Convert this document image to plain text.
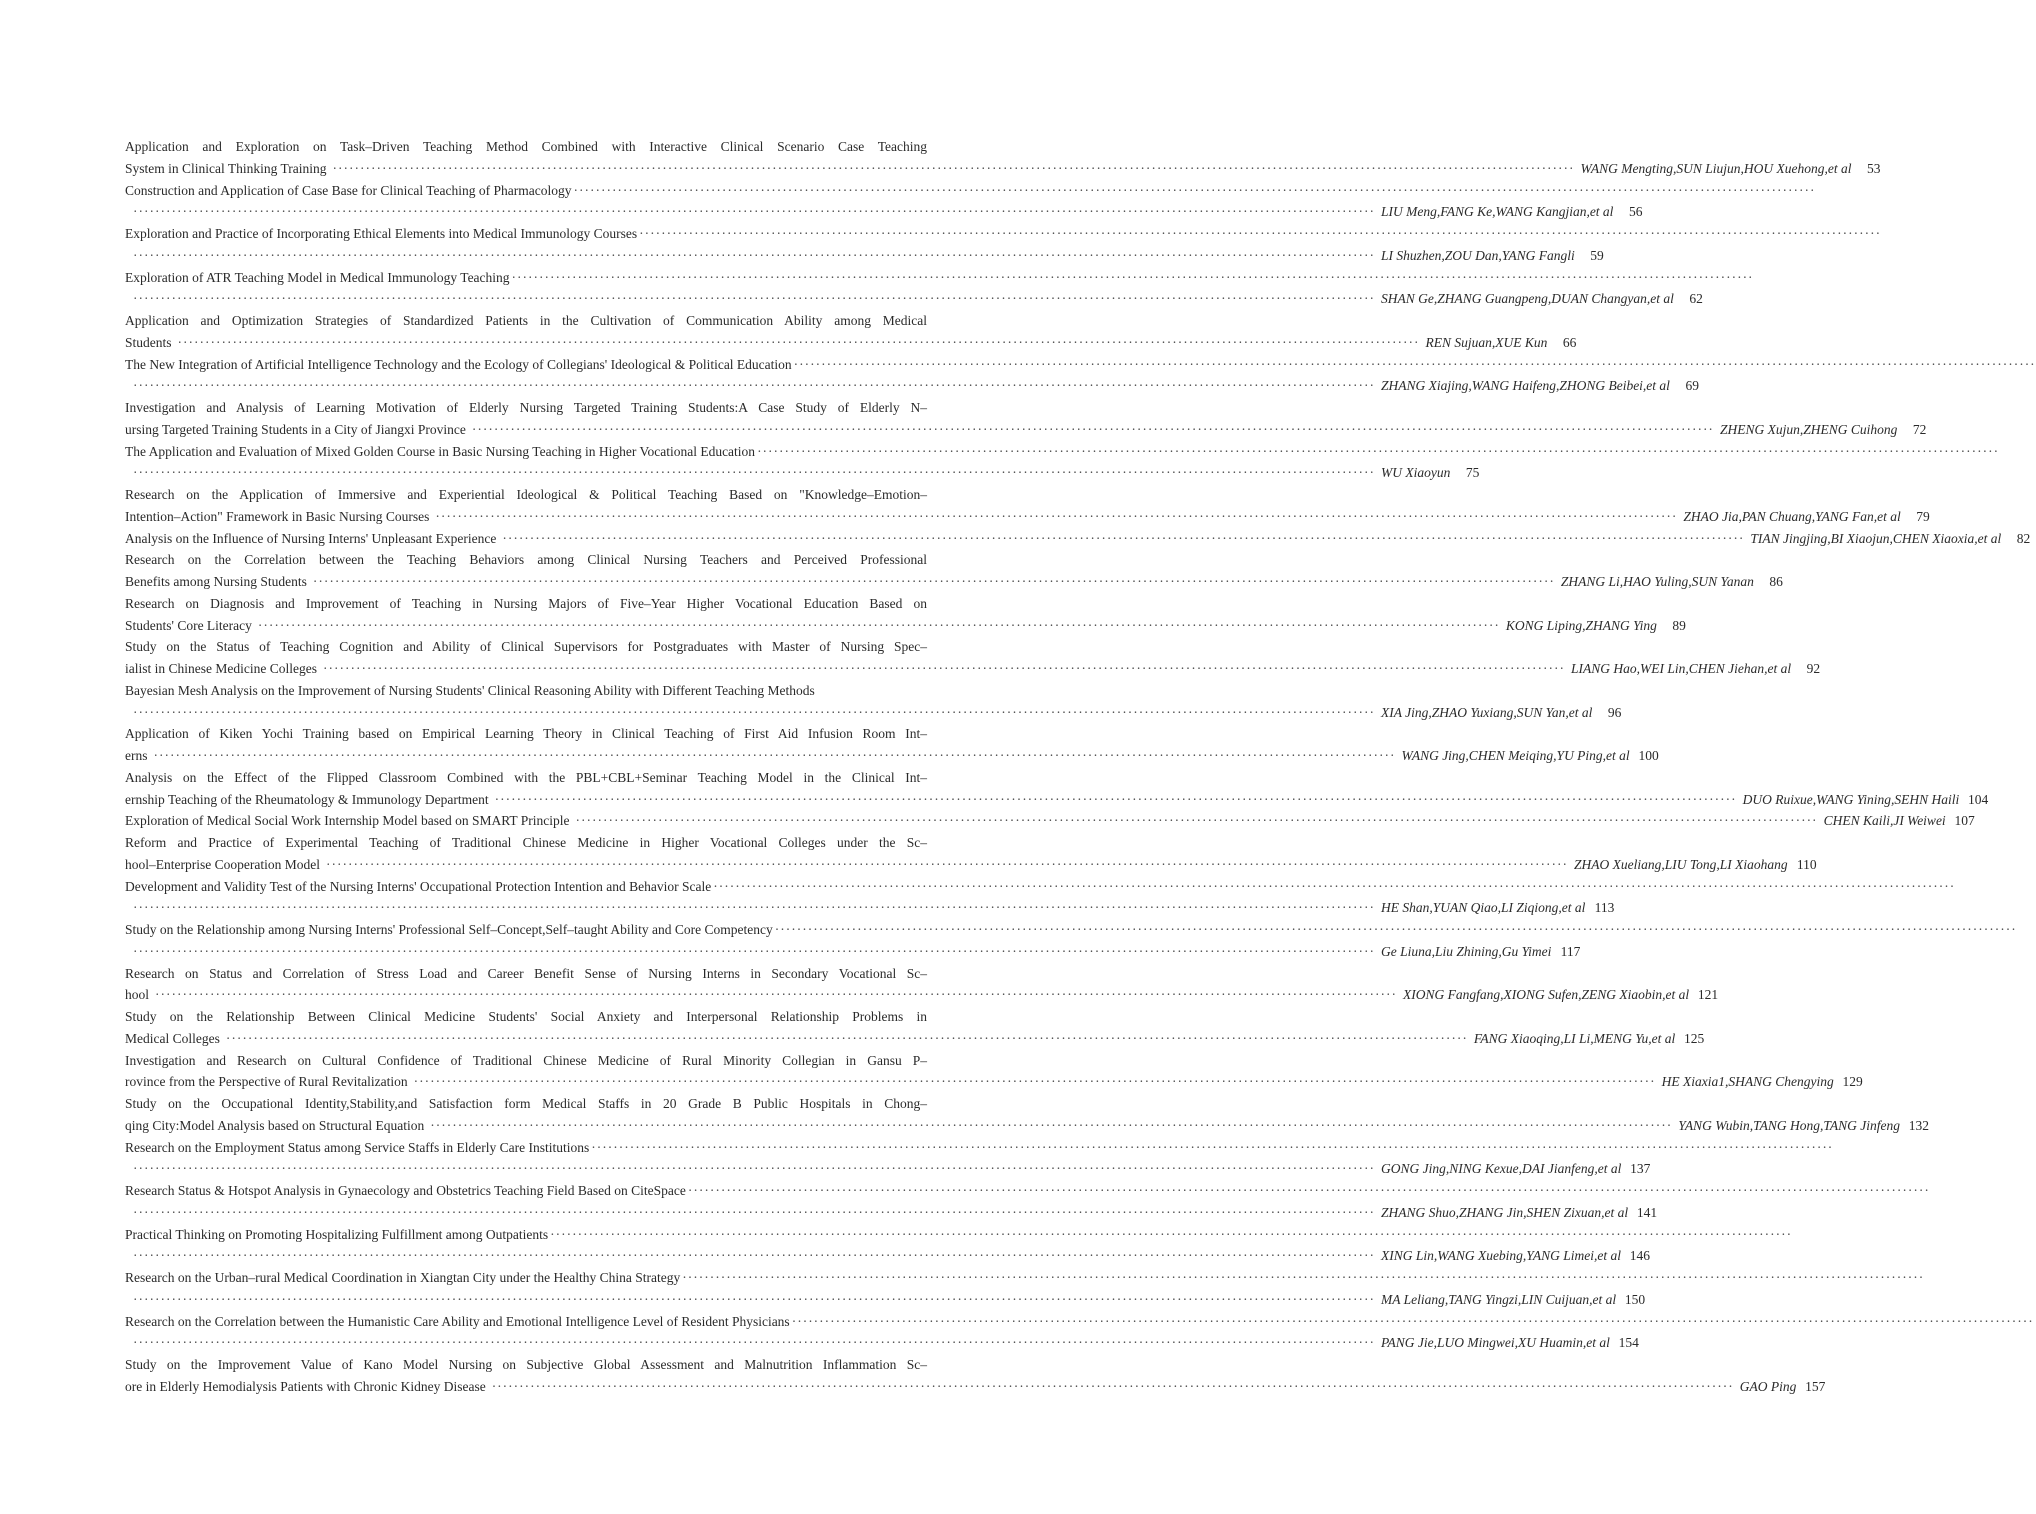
Application and Exploration on Task–Driven Teaching Method Combined with Interactive Clinical Scenario Case Teaching
System in Clinical Thinking Training ·····	WANG Mengting,SUN Liujun,HOU Xuehong,et al	53
Construction and Application of Case Base for Clinical Teaching of Pharmacology
·····
·····
LIU Meng,FANG Ke,WANG Kangjian,et al	56
Exploration and Practice of Incorporating Ethical Elements into Medical Immunology Courses
·····
·····
LI Shuzhen,ZOU Dan,YANG Fangli	59
Exploration of ATR Teaching Model in Medical Immunology Teaching
·····
·····
SHAN Ge,ZHANG Guangpeng,DUAN Changyan,et al	62
Application and Optimization Strategies of Standardized Patients in the Cultivation of Communication Ability among Medical
Students ·····	REN Sujuan,XUE Kun	66
The New Integration of Artificial Intelligence Technology and the Ecology of Collegians' Ideological & Political Education
·····
·····
ZHANG Xiajing,WANG Haifeng,ZHONG Beibei,et al	69
Investigation and Analysis of Learning Motivation of Elderly Nursing Targeted Training Students:A Case Study of Elderly N–
ursing Targeted Training Students in a City of Jiangxi Province ·····	ZHENG Xujun,ZHENG Cuihong	72
The Application and Evaluation of Mixed Golden Course in Basic Nursing Teaching in Higher Vocational Education
·····
·····
WU Xiaoyun	75
Research on the Application of Immersive and Experiential Ideological & Political Teaching Based on "Knowledge–Emotion–
Intention–Action" Framework in Basic Nursing Courses ·····	ZHAO Jia,PAN Chuang,YANG Fan,et al	79
Analysis on the Influence of Nursing Interns' Unpleasant Experience ·····	TIAN Jingjing,BI Xiaojun,CHEN Xiaoxia,et al	82
Research on the Correlation between the Teaching Behaviors among Clinical Nursing Teachers and Perceived Professional
Benefits among Nursing Students ·····	ZHANG Li,HAO Yuling,SUN Yanan	86
Research on Diagnosis and Improvement of Teaching in Nursing Majors of Five–Year Higher Vocational Education Based on
Students' Core Literacy ·····	KONG Liping,ZHANG Ying	89
Study on the Status of Teaching Cognition and Ability of Clinical Supervisors for Postgraduates with Master of Nursing Spec–
ialist in Chinese Medicine Colleges ·····	LIANG Hao,WEI Lin,CHEN Jiehan,et al	92
Bayesian Mesh Analysis on the Improvement of Nursing Students' Clinical Reasoning Ability with Different Teaching Methods
·····
XIA Jing,ZHAO Yuxiang,SUN Yan,et al	96
Application of Kiken Yochi Training based on Empirical Learning Theory in Clinical Teaching of First Aid Infusion Room Int–
erns ·····	WANG Jing,CHEN Meiqing,YU Ping,et al 100
Analysis on the Effect of the Flipped Classroom Combined with the PBL+CBL+Seminar Teaching Model in the Clinical Int–
ernship Teaching of the Rheumatology & Immunology Department ·····	DUO Ruixue,WANG Yining,SEHN Haili 104
Exploration of Medical Social Work Internship Model based on SMART Principle ·····	CHEN Kaili,JI Weiwei 107
Reform and Practice of Experimental Teaching of Traditional Chinese Medicine in Higher Vocational Colleges under the Sc–
hool–Enterprise Cooperation Model ·····	ZHAO Xueliang,LIU Tong,LI Xiaohang 110
Development and Validity Test of the Nursing Interns' Occupational Protection Intention and Behavior Scale
·····
·····
HE Shan,YUAN Qiao,LI Ziqiong,et al 113
Study on the Relationship among Nursing Interns' Professional Self–Concept,Self–taught Ability and Core Competency
·····
·····
Ge Liuna,Liu Zhining,Gu Yimei 117
Research on Status and Correlation of Stress Load and Career Benefit Sense of Nursing Interns in Secondary Vocational Sc–
hool ·····	XIONG Fangfang,XIONG Sufen,ZENG Xiaobin,et al 121
Study on the Relationship Between Clinical Medicine Students' Social Anxiety and Interpersonal Relationship Problems in
Medical Colleges ·····	FANG Xiaoqing,LI Li,MENG Yu,et al 125
Investigation and Research on Cultural Confidence of Traditional Chinese Medicine of Rural Minority Collegian in Gansu P–
rovince from the Perspective of Rural Revitalization ·····	HE Xiaxia1,SHANG Chengying 129
Study on the Occupational Identity,Stability,and Satisfaction form Medical Staffs in 20 Grade B Public Hospitals in Chong–
qing City:Model Analysis based on Structural Equation ·····	YANG Wubin,TANG Hong,TANG Jinfeng 132
Research on the Employment Status among Service Staffs in Elderly Care Institutions
·····
·····
GONG Jing,NING Kexue,DAI Jianfeng,et al 137
Research Status & Hotspot Analysis in Gynaecology and Obstetrics Teaching Field Based on CiteSpace
·····
·····
ZHANG Shuo,ZHANG Jin,SHEN Zixuan,et al 141
Practical Thinking on Promoting Hospitalizing Fulfillment among Outpatients
·····
·····
XING Lin,WANG Xuebing,YANG Limei,et al 146
Research on the Urban–rural Medical Coordination in Xiangtan City under the Healthy China Strategy
·····
·····
MA Leliang,TANG Yingzi,LIN Cuijuan,et al 150
Research on the Correlation between the Humanistic Care Ability and Emotional Intelligence Level of Resident Physicians
·····
·····
PANG Jie,LUO Mingwei,XU Huamin,et al 154
Study on the Improvement Value of Kano Model Nursing on Subjective Global Assessment and Malnutrition Inflammation Sc–
ore in Elderly Hemodialysis Patients with Chronic Kidney Disease ·····	GAO Ping 157
